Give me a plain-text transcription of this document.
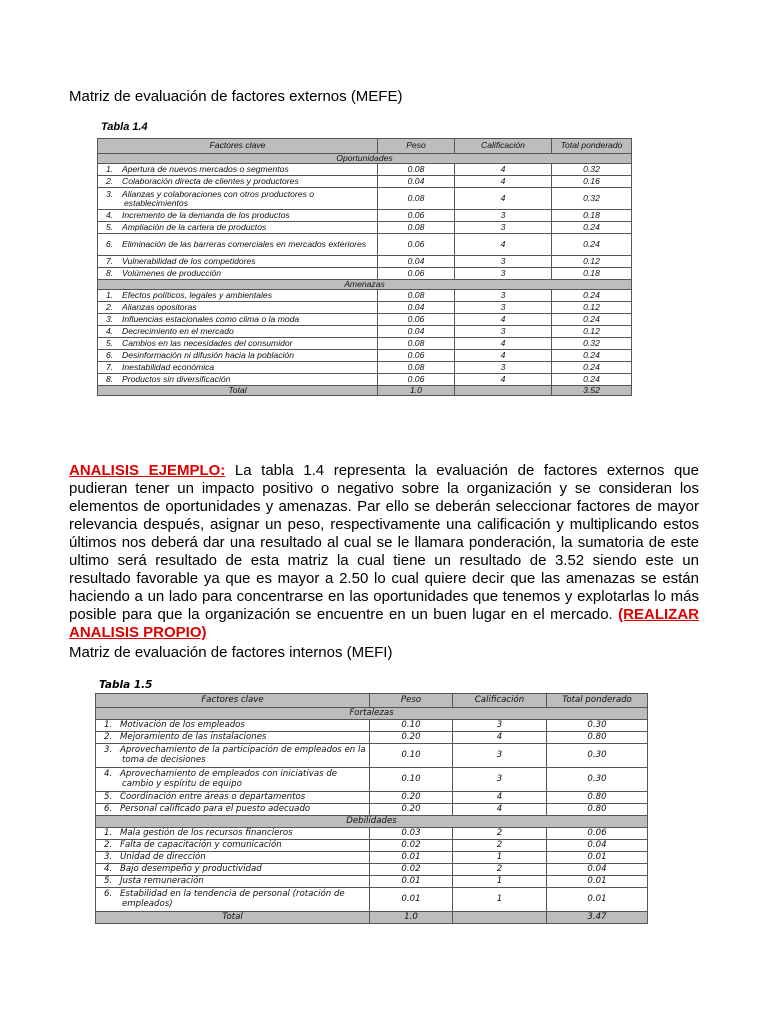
Matriz de evaluación de factores externos (MEFE)
Tabla 1.4
Factores clave	Peso	Calificación	Total ponderado
Oportunidades			
1. Apertura de nuevos mercados o segmentos	0.08	4	0.32
2. Colaboración directa de clientes y productores	0.04	4	0.16
3. Alianzas y colaboraciones con otros productores o establecimientos	0.08	4	0.32
4. Incremento de la demanda de los productos	0.06	3	0.18
5. Ampliación de la cartera de productos	0.08	3	0.24
6. Eliminación de las barreras comerciales en mercados exteriores	0.06	4	0.24
7. Vulnerabilidad de los competidores	0.04	3	0.12
8. Volúmenes de producción	0.06	3	0.18
Amenazas			
1. Efectos políticos, legales y ambientales	0.08	3	0.24
2. Alianzas opositoras	0.04	3	0.12
3. Influencias estacionales como clima o la moda	0.06	4	0.24
4. Decrecimiento en el mercado	0.04	3	0.12
5. Cambios en las necesidades del consumidor	0.08	4	0.32
6. Desinformación ni difusión hacia la población	0.06	4	0.24
7. Inestabilidad económica	0.08	3	0.24
8. Productos sin diversificación	0.06	4	0.24
Total	1.0		3.52
ANALISIS EJEMPLO: La tabla 1.4 representa la evaluación de factores externos que pudieran tener un impacto positivo o negativo sobre la organización y se consideran los elementos de oportunidades y amenazas. Par ello se deberán seleccionar factores de mayor relevancia después, asignar un peso, respectivamente una calificación y multiplicando estos últimos nos deberá dar una resultado al cual se le llamara ponderación, la sumatoria de este ultimo será resultado de esta matriz la cual tiene un resultado de 3.52 siendo este un resultado favorable ya que es mayor a 2.50 lo cual quiere decir que las amenazas se están haciendo a un lado para concentrarse en las oportunidades que tenemos y explotarlas lo más posible para que la organización se encuentre en un buen lugar en el mercado. (REALIZAR ANALISIS PROPIO)
Matriz de evaluación de factores internos (MEFI)
Tabla 1.5
Factores clave	Peso	Calificación	Total ponderado
Fortalezas			
1. Motivación de los empleados	0.10	3	0.30
2. Mejoramiento de las instalaciones	0.20	4	0.80
3. Aprovechamiento de la participación de empleados en la toma de decisiones	0.10	3	0.30
4. Aprovechamiento de empleados con iniciativas de cambio y espíritu de equipo	0.10	3	0.30
5. Coordinación entre áreas o departamentos	0.20	4	0.80
6. Personal calificado para el puesto adecuado	0.20	4	0.80
Debilidades			
1. Mala gestión de los recursos financieros	0.03	2	0.06
2. Falta de capacitación y comunicación	0.02	2	0.04
3. Unidad de dirección	0.01	1	0.01
4. Bajo desempeño y productividad	0.02	2	0.04
5. Justa remuneración	0.01	1	0.01
6. Estabilidad en la tendencia de personal (rotación de empleados)	0.01	1	0.01
Total	1.0		3.47
